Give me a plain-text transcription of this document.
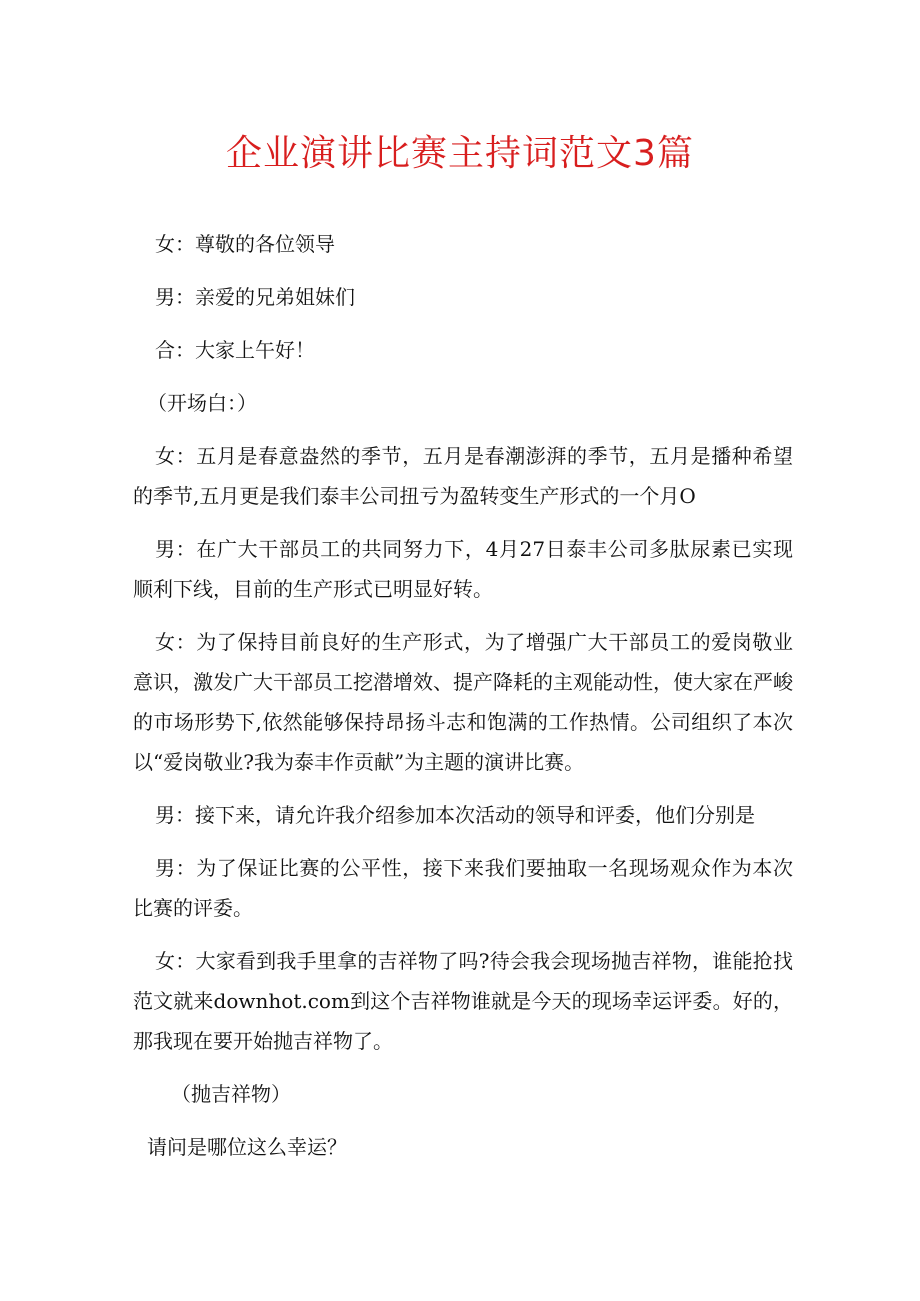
企业演讲比赛主持词范文3篇

女：尊敬的各位领导

男：亲爱的兄弟姐妹们

合：大家上午好！

（开场白：）

女：五月是春意盎然的季节，五月是春潮澎湃的季节，五月是播种希望的季节,五月更是我们泰丰公司扭亏为盈转变生产形式的一个月O

男：在广大干部员工的共同努力下，4月27日泰丰公司多肽尿素已实现顺利下线，目前的生产形式已明显好转。

女：为了保持目前良好的生产形式，为了增强广大干部员工的爱岗敬业意识，激发广大干部员工挖潜增效、提产降耗的主观能动性，使大家在严峻的市场形势下,依然能够保持昂扬斗志和饱满的工作热情。公司组织了本次以“爱岗敬业?我为泰丰作贡献”为主题的演讲比赛。

男：接下来，请允许我介绍参加本次活动的领导和评委，他们分别是

男：为了保证比赛的公平性，接下来我们要抽取一名现场观众作为本次比赛的评委。

女：大家看到我手里拿的吉祥物了吗?待会我会现场抛吉祥物，谁能抢找范文就来downhot.com到这个吉祥物谁就是今天的现场幸运评委。好的，那我现在要开始抛吉祥物了。

（抛吉祥物）

请问是哪位这么幸运？
